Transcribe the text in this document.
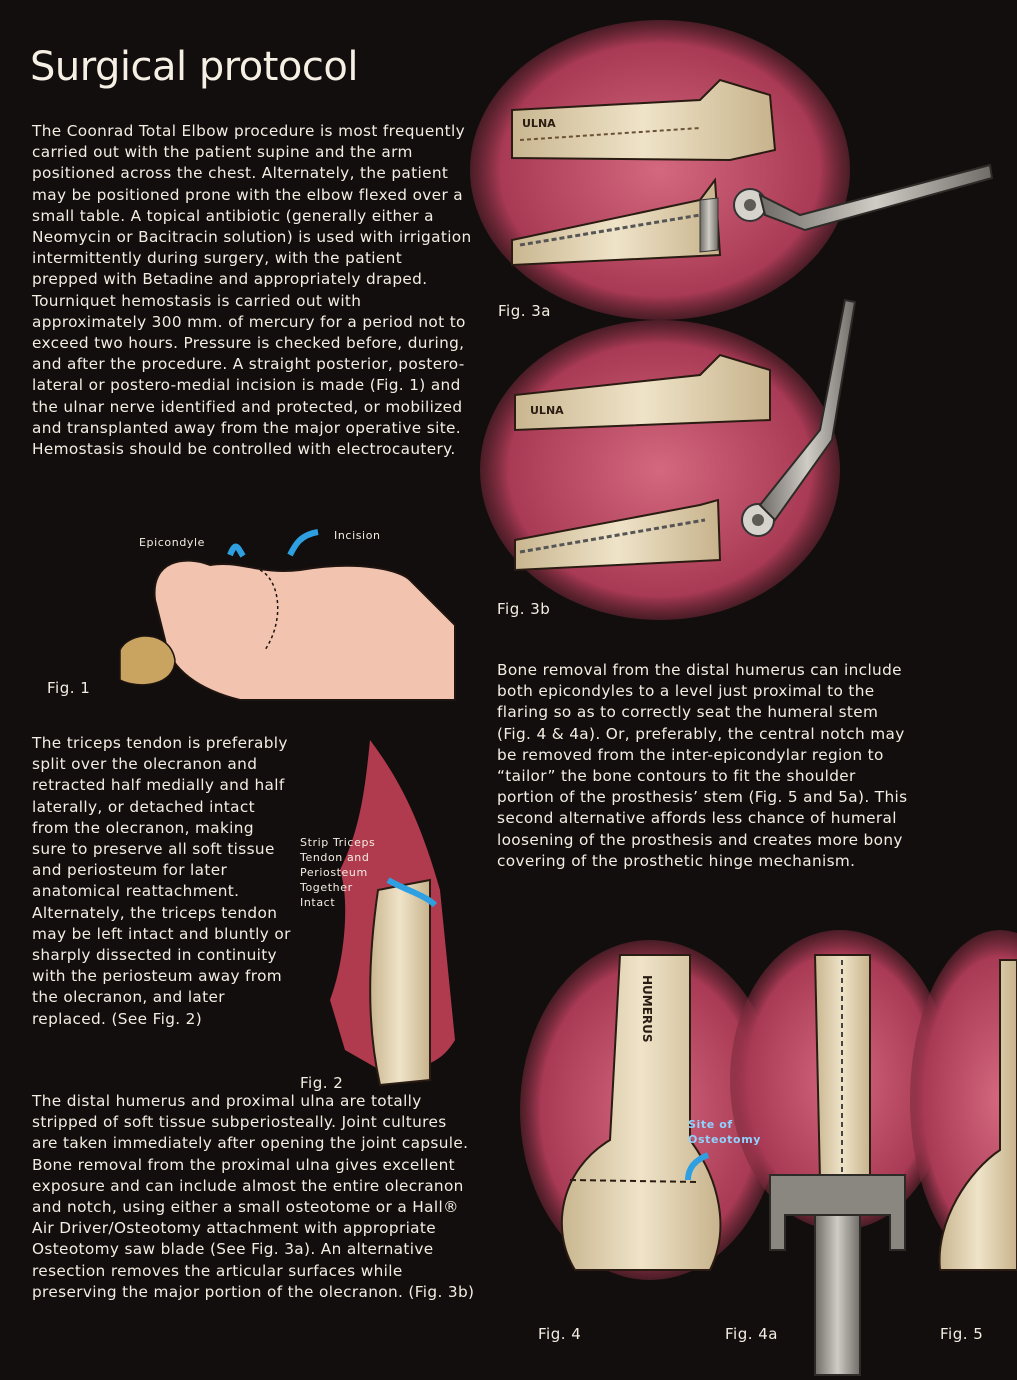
ULNA
ULNA
HUMERUS
Surgical protocol

The Coonrad Total Elbow procedure is most frequently carried out with the patient supine and the arm positioned across the chest. Alternately, the patient may be positioned prone with the elbow flexed over a small table. A topical antibiotic (generally either a Neomycin or Bacitracin solution) is used with irrigation intermittently during surgery, with the patient prepped with Betadine and appropriately draped. Tourniquet hemostasis is carried out with approximately 300 mm. of mercury for a period not to exceed two hours. Pressure is checked before, during, and after the procedure. A straight posterior, postero-lateral or postero-medial incision is made (Fig. 1) and the ulnar nerve identified and protected, or mobilized and transplanted away from the major operative site. Hemostasis should be controlled with electrocautery.

Epicondyle
Incision
Fig. 1

The triceps tendon is preferably split over the olecranon and retracted half medially and half laterally, or detached intact from the olecranon, making sure to preserve all soft tissue and periosteum for later anatomical reattachment. Alternately, the triceps tendon may be left intact and bluntly or sharply dissected in continuity with the periosteum away from the olecranon, and later replaced. (See Fig. 2)

Strip Triceps
Tendon and
Periosteum
Together
Intact
Fig. 2

The distal humerus and proximal ulna are totally stripped of soft tissue subperiosteally. Joint cultures are taken immediately after opening the joint capsule. Bone removal from the proximal ulna gives excellent exposure and can include almost the entire olecranon and notch, using either a small osteotome or a Hall® Air Driver/Osteotomy attachment with appropriate Osteotomy saw blade (See Fig. 3a). An alternative resection removes the articular surfaces while preserving the major portion of the olecranon. (Fig. 3b)

Fig. 3a
Fig. 3b

Bone removal from the distal humerus can include both epicondyles to a level just proximal to the flaring so as to correctly seat the humeral stem (Fig. 4 & 4a). Or, preferably, the central notch may be removed from the inter-epicondylar region to “tailor” the bone contours to fit the shoulder portion of the prosthesis’ stem (Fig. 5 and 5a). This second alternative affords less chance of humeral loosening of the prosthesis and creates more bony covering of the prosthetic hinge mechanism.

Site of
Osteotomy
Fig. 4	Fig. 4a	Fig. 5
